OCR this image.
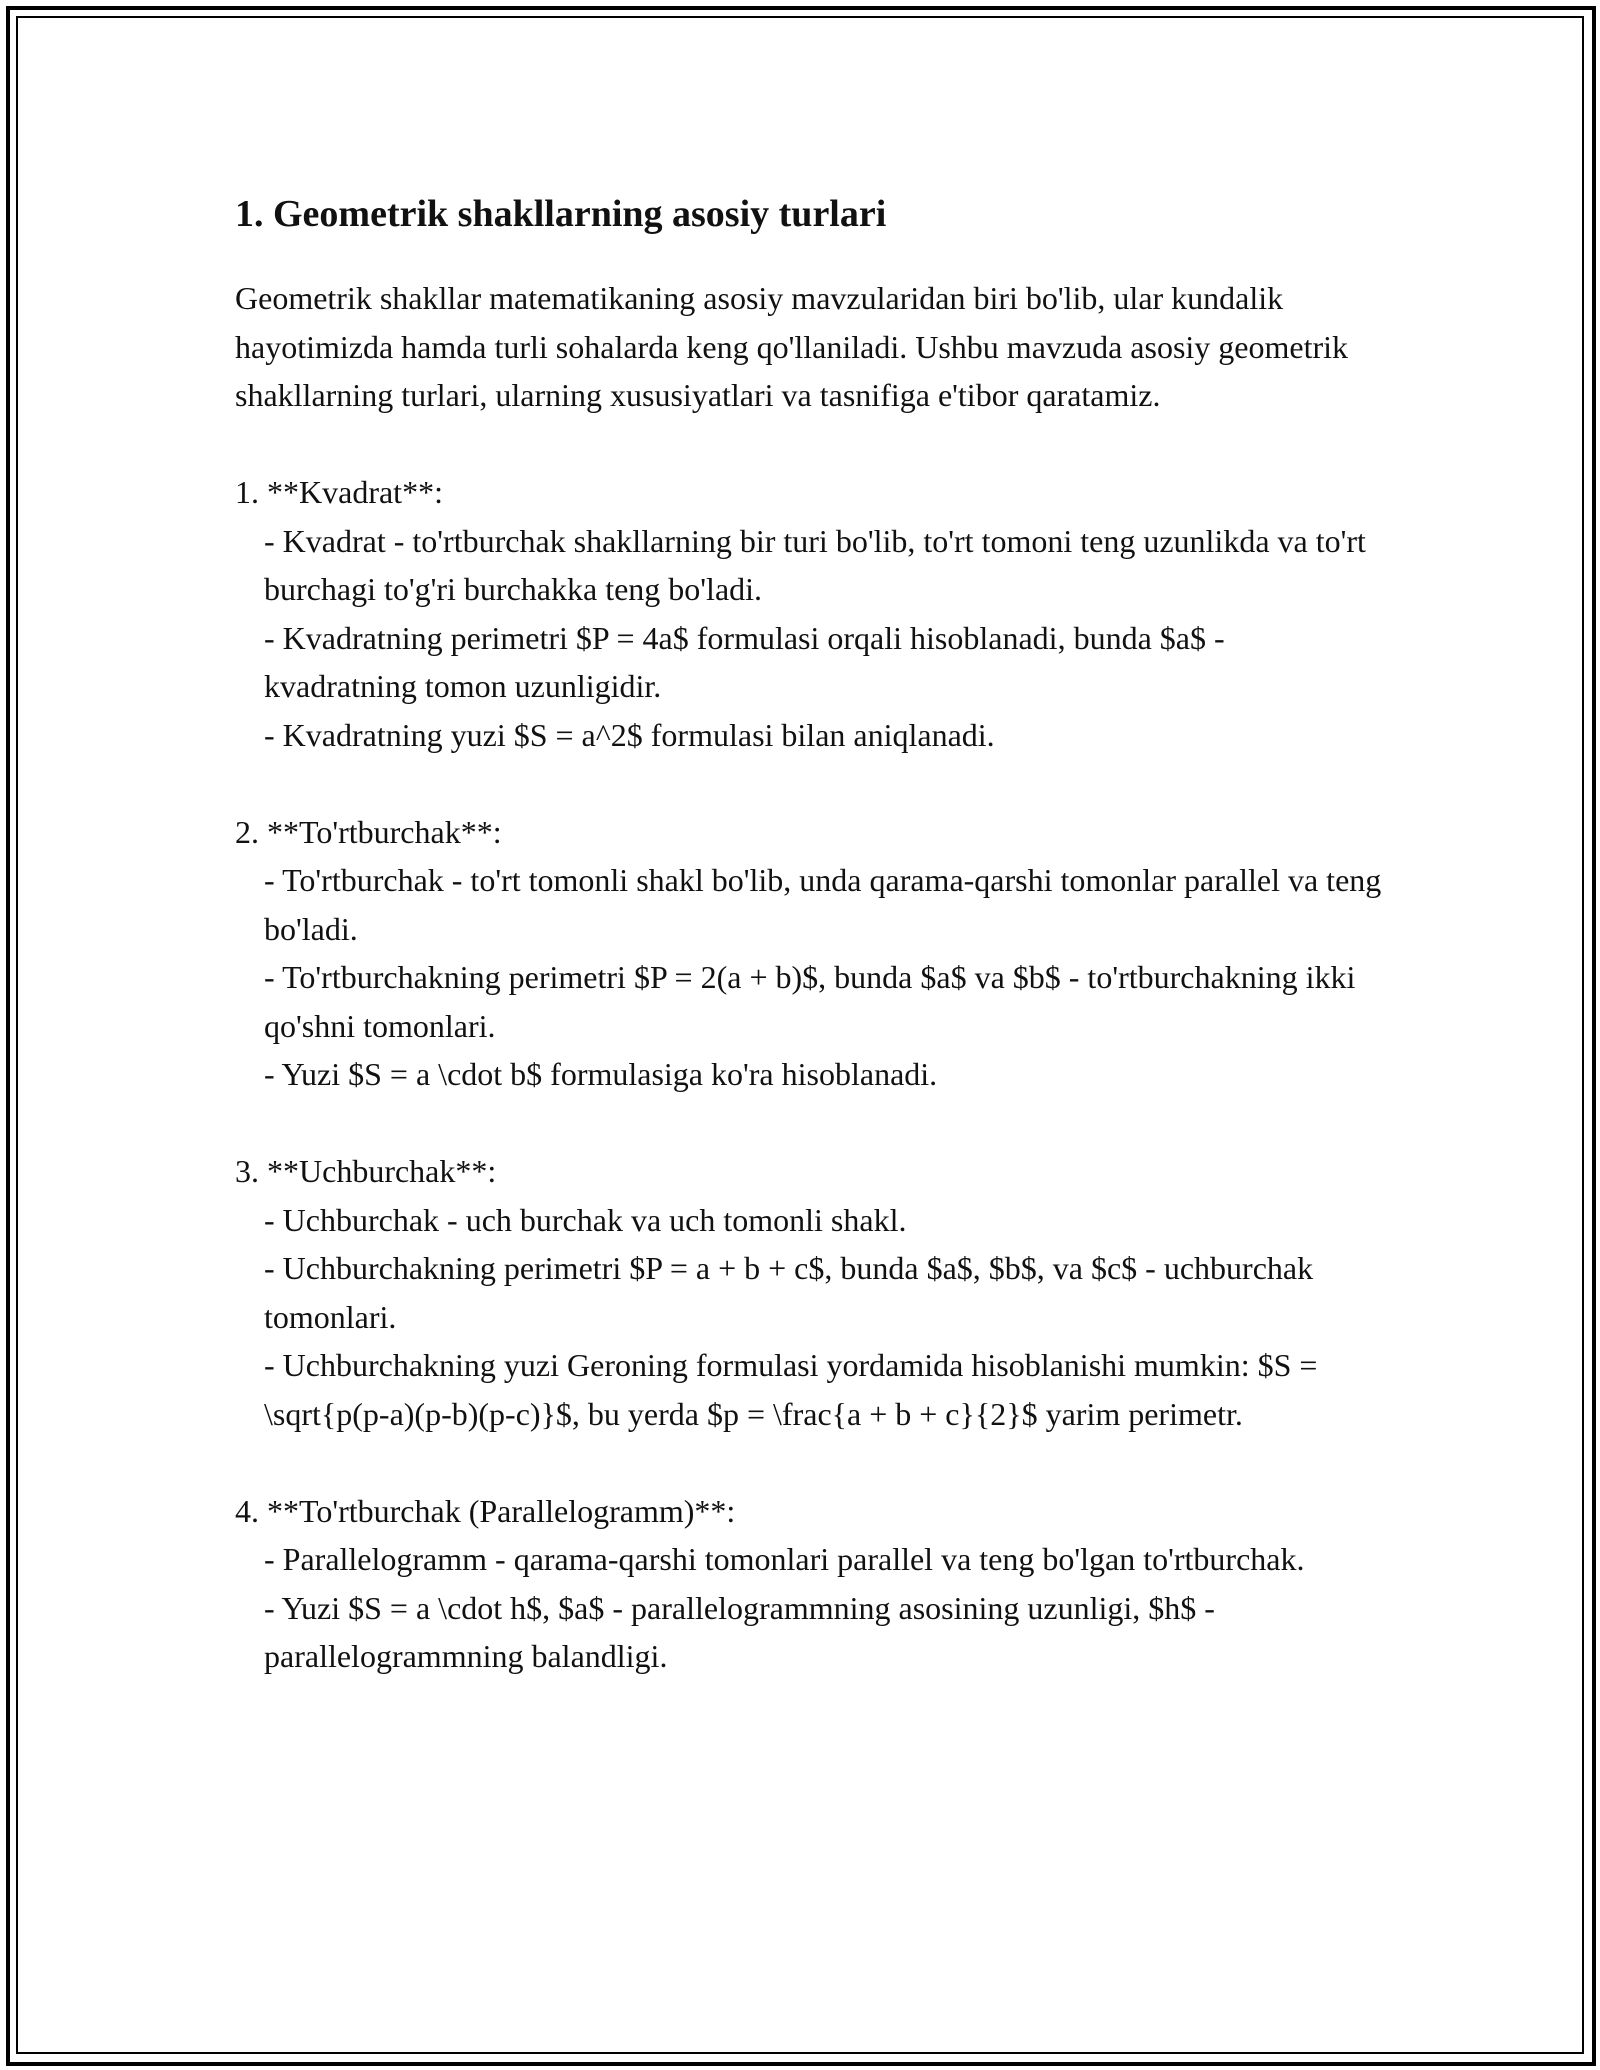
1. Geometrik shakllarning asosiy turlari

Geometrik shakllar matematikaning asosiy mavzularidan biri bo'lib, ular kundalik hayotimizda hamda turli sohalarda keng qo'llaniladi. Ushbu mavzuda asosiy geometrik shakllarning turlari, ularning xususiyatlari va tasnifiga e'tibor qaratamiz.

1. **Kvadrat**:
- Kvadrat - to'rtburchak shakllarning bir turi bo'lib, to'rt tomoni teng uzunlikda va to'rt burchagi to'g'ri burchakka teng bo'ladi.
- Kvadratning perimetri $P = 4a$ formulasi orqali hisoblanadi, bunda $a$ - kvadratning tomon uzunligidir.
- Kvadratning yuzi $S = a^2$ formulasi bilan aniqlanadi.
2. **To'rtburchak**:
- To'rtburchak - to'rt tomonli shakl bo'lib, unda qarama-qarshi tomonlar parallel va teng bo'ladi.
- To'rtburchakning perimetri $P = 2(a + b)$, bunda $a$ va $b$ - to'rtburchakning ikki qo'shni tomonlari.
- Yuzi $S = a \cdot b$ formulasiga ko'ra hisoblanadi.
3. **Uchburchak**:
- Uchburchak - uch burchak va uch tomonli shakl.
- Uchburchakning perimetri $P = a + b + c$, bunda $a$, $b$, va $c$ - uchburchak tomonlari.
- Uchburchakning yuzi Geroning formulasi yordamida hisoblanishi mumkin: $S = \sqrt{p(p-a)(p-b)(p-c)}$, bu yerda $p = \frac{a + b + c}{2}$ yarim perimetr.
4. **To'rtburchak (Parallelogramm)**:
- Parallelogramm - qarama-qarshi tomonlari parallel va teng bo'lgan to'rtburchak.
- Yuzi $S = a \cdot h$, $a$ - parallelogrammning asosining uzunligi, $h$ - parallelogrammning balandligi.
